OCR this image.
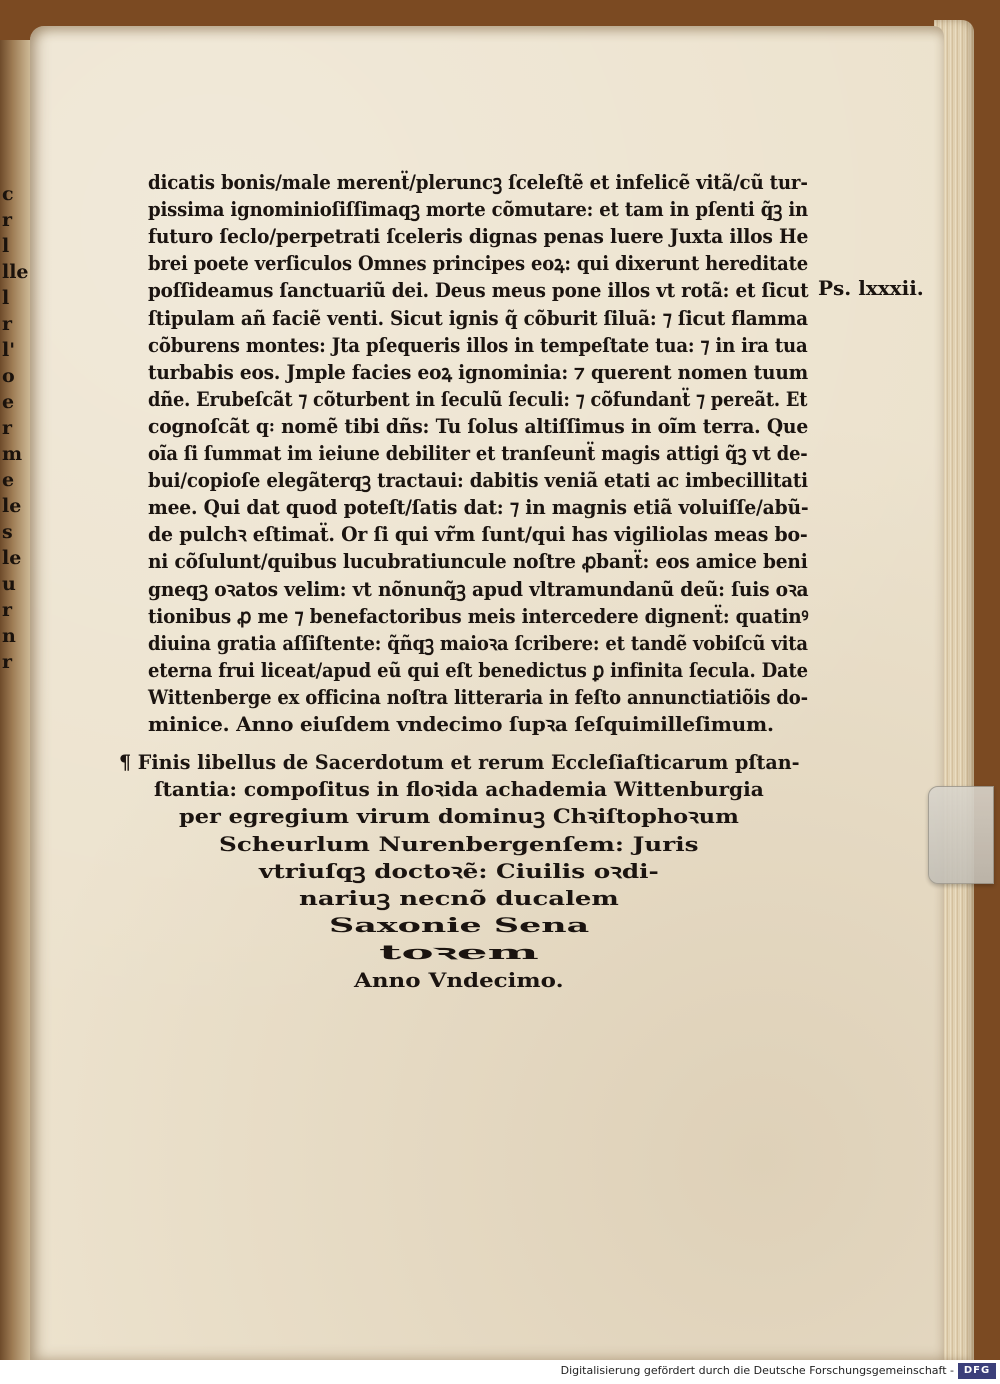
dicatis bonis/male merenẗ/pleruncꝫ ſceleſtẽ et infelicẽ vitã/cũ tur-
pissima ignominioſiſſimaqꝫ morte cõmutare: et tam in pſenti q̃ꝫ in
futuro ſeclo/perpetrati ſceleris dignas penas luere Juxta illos He
brei poete verſiculos Omnes principes eoꝝ: qui dixerunt hereditate
poſſideamus ſanctuariũ dei. Deus meus pone illos vt rotã: et ſicut
ſtipulam añ faciẽ venti. Sicut ignis q̃ cõburit ſiluã: ⁊ ſicut flamma
cõburens montes: Jta pſequeris illos in tempeſtate tua: ⁊ in ira tua
turbabis eos. Jmple facies eoꝝ ignominia: ⁊ querent nomen tuum
dñe. Erubeſcãt ⁊ cõturbent in ſeculũ ſeculi: ⁊ cõfundanẗ ⁊ pereãt. Et
cognoſcãt q꞉ nomẽ tibi dñs: Tu ſolus altiſſimus in oĩm terra. Que
oĩa ſi ſummat im ieiune debiliter et tranſeunẗ magis attigi q̃ꝫ vt de-
bui/copioſe elegãterqꝫ tractaui: dabitis veniã etati ac imbecillitati
mee. Qui dat quod poteſt/ſatis dat: ⁊ in magnis etiã voluiſſe/abũ-
de pulchꝛ eſtimaẗ. Or ſi qui vr̃m ſunt/qui has vigiliolas meas bo-
ni cõſulunt/quibus lucubratiuncule noſtre ꝓbanẗ: eos amice beni
gneqꝫ oꝛatos velim: vt nõnunq̃ꝫ apud vltramundanũ deũ: ſuis oꝛa
tionibus ꝓ me ⁊ benefactoribus meis intercedere dignenẗ: quatinꝰ
diuina gratia aſſiſtente: q̃ñqꝫ maioꝛa ſcribere: et tandẽ vobiſcũ vita
eterna frui liceat/apud eũ qui eſt benedictus ꝑ infinita ſecula. Date
Wittenberge ex officina noſtra litteraria in feſto annunctiatiõis do-
minice. Anno eiuſdem vndecimo ſupꝛa ſeſquimilleſimum.
Ps. lxxxii.
¶ Finis libellus de Sacerdotum et rerum Eccleſiaſticarum pſtan-
ſtantia: compoſitus in floꝛida achademia Wittenburgia
per egregium virum dominuꝫ Chꝛiſtophoꝛum
Scheurlum Nurenbergenſem: Juris
vtriuſqꝫ doctoꝛẽ: Ciuilis oꝛdi-
nariuꝫ necnõ ducalem
Saxonie Sena
toꝛem
Anno Vndecimo.
c
r
l
lle
l
r
l'
o
e
r
m
e
le
s
le
u
r
n
r
Digitalisierung gefördert durch die Deutsche Forschungsgemeinschaft - DFG
